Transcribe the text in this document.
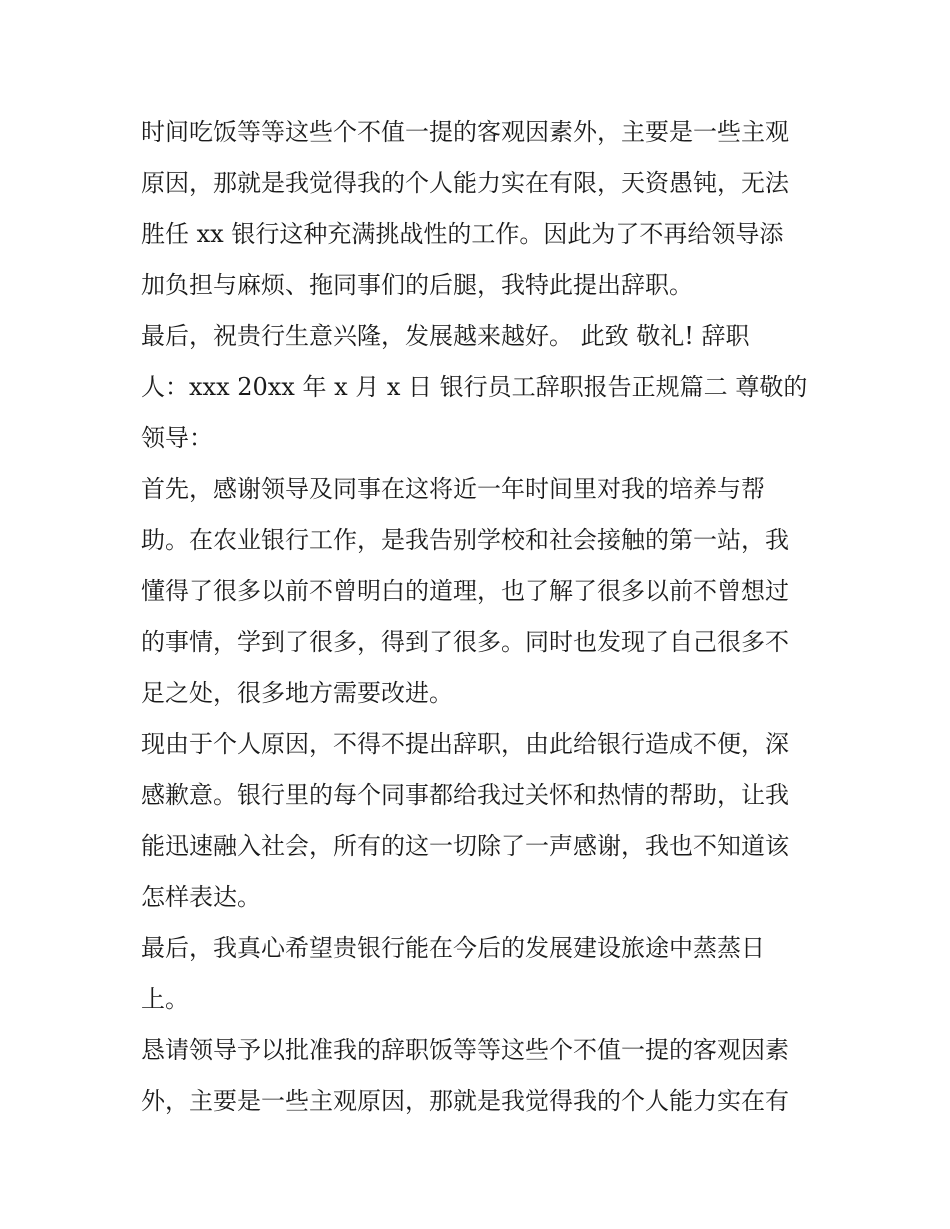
时间吃饭等等这些个不值一提的客观因素外，主要是一些主观
原因，那就是我觉得我的个人能力实在有限，天资愚钝，无法
胜任 xx 银行这种充满挑战性的工作。因此为了不再给领导添
加负担与麻烦、拖同事们的后腿，我特此提出辞职。
最后，祝贵行生意兴隆，发展越来越好。 此致 敬礼! 辞职
人：xxx 20xx 年 x 月 x 日 银行员工辞职报告正规篇二 尊敬的
领导：
首先，感谢领导及同事在这将近一年时间里对我的培养与帮
助。在农业银行工作，是我告别学校和社会接触的第一站，我
懂得了很多以前不曾明白的道理，也了解了很多以前不曾想过
的事情，学到了很多，得到了很多。同时也发现了自己很多不
足之处，很多地方需要改进。
现由于个人原因，不得不提出辞职，由此给银行造成不便，深
感歉意。银行里的每个同事都给我过关怀和热情的帮助，让我
能迅速融入社会，所有的这一切除了一声感谢，我也不知道该
怎样表达。
最后，我真心希望贵银行能在今后的发展建设旅途中蒸蒸日
上。
恳请领导予以批准我的辞职饭等等这些个不值一提的客观因素
外，主要是一些主观原因，那就是我觉得我的个人能力实在有
